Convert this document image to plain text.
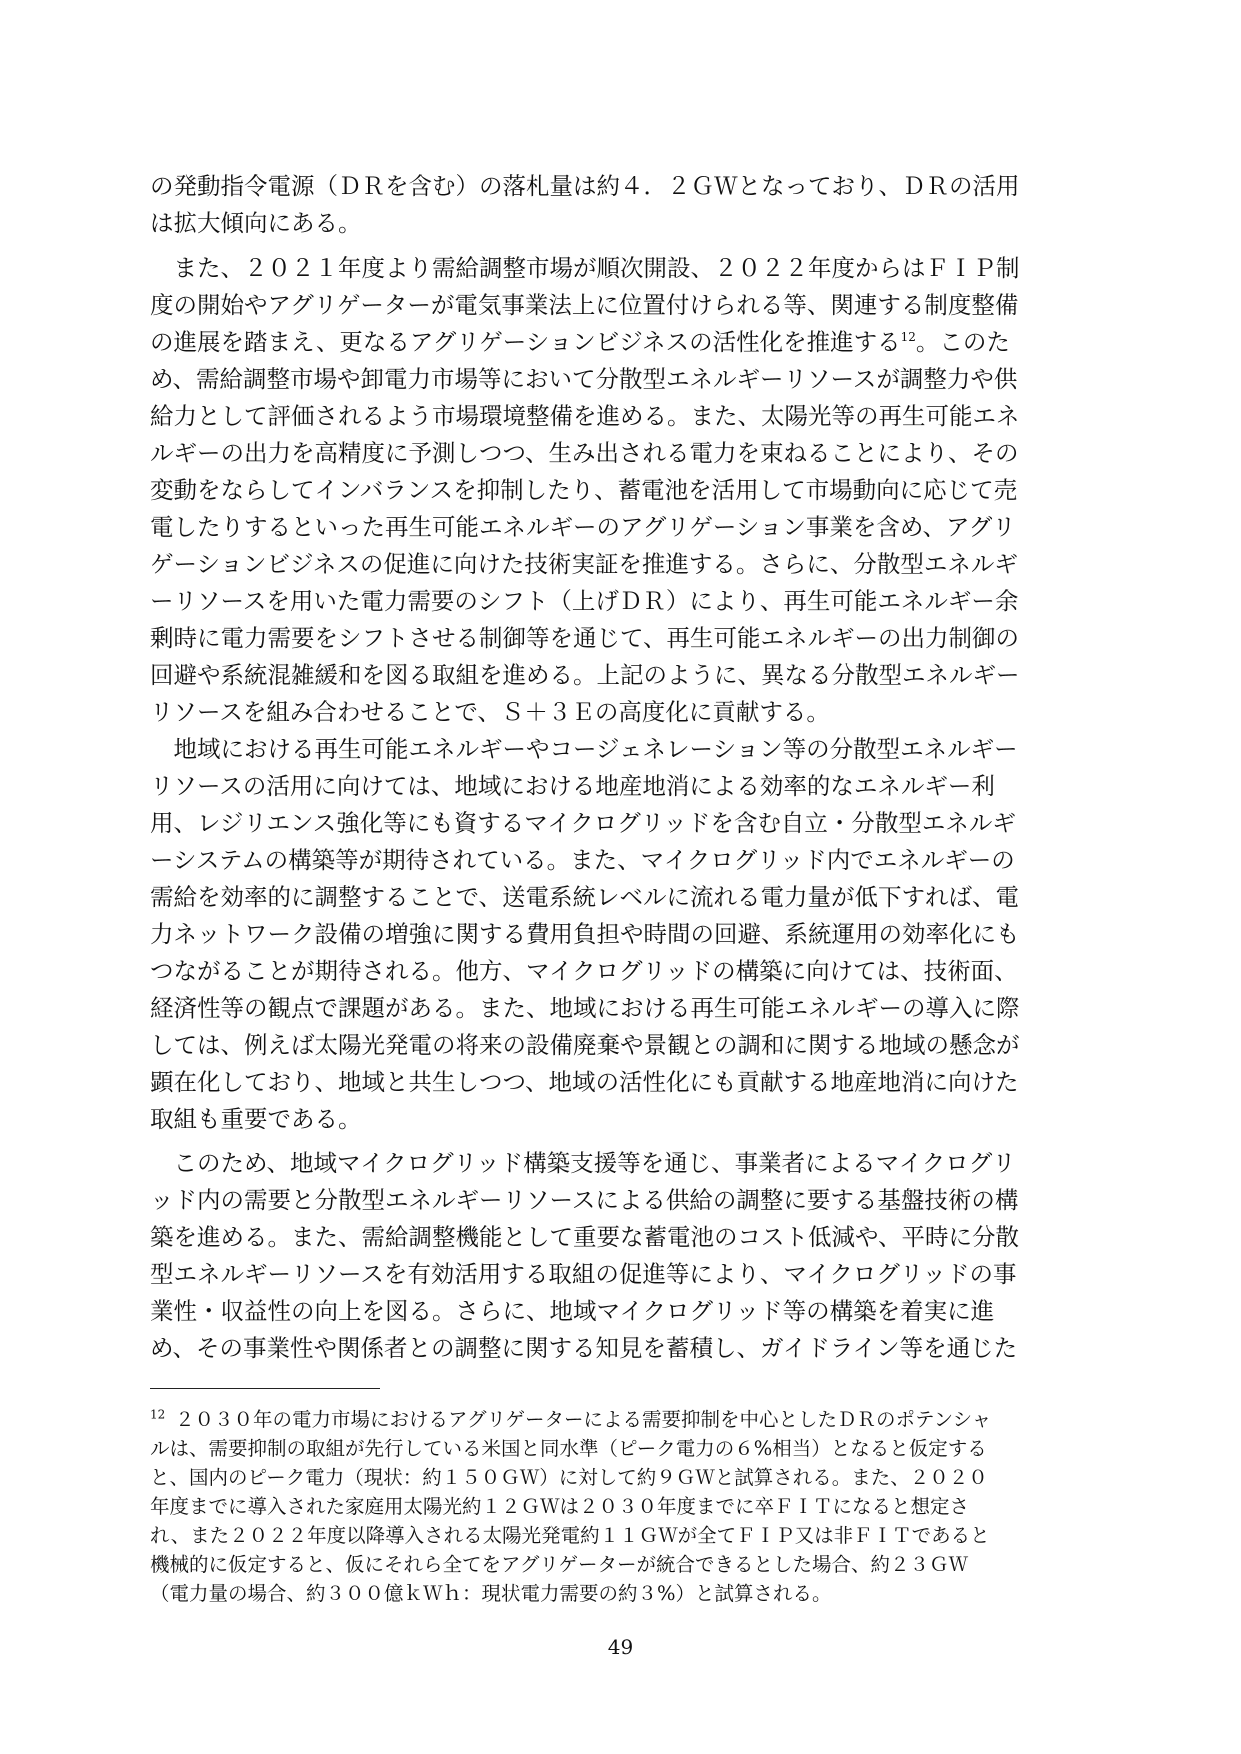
の発動指令電源（ＤＲを含む）の落札量は約４．２ＧＷとなっており、ＤＲの活用
は拡大傾向にある。
　また、２０２１年度より需給調整市場が順次開設、２０２２年度からはＦＩＰ制
度の開始やアグリゲーターが電気事業法上に位置付けられる等、関連する制度整備
の進展を踏まえ、更なるアグリゲーションビジネスの活性化を推進する$^{12}$。このた
め、需給調整市場や卸電力市場等において分散型エネルギーリソースが調整力や供
給力として評価されるよう市場環境整備を進める。また、太陽光等の再生可能エネ
ルギーの出力を高精度に予測しつつ、生み出される電力を束ねることにより、その
変動をならしてインバランスを抑制したり、蓄電池を活用して市場動向に応じて売
電したりするといった再生可能エネルギーのアグリゲーション事業を含め、アグリ
ゲーションビジネスの促進に向けた技術実証を推進する。さらに、分散型エネルギ
ーリソースを用いた電力需要のシフト（上げＤＲ）により、再生可能エネルギー余
剰時に電力需要をシフトさせる制御等を通じて、再生可能エネルギーの出力制御の
回避や系統混雑緩和を図る取組を進める。上記のように、異なる分散型エネルギー
リソースを組み合わせることで、Ｓ＋３Ｅの高度化に貢献する。
　地域における再生可能エネルギーやコージェネレーション等の分散型エネルギー
リソースの活用に向けては、地域における地産地消による効率的なエネルギー利
用、レジリエンス強化等にも資するマイクログリッドを含む自立・分散型エネルギ
ーシステムの構築等が期待されている。また、マイクログリッド内でエネルギーの
需給を効率的に調整することで、送電系統レベルに流れる電力量が低下すれば、電
力ネットワーク設備の増強に関する費用負担や時間の回避、系統運用の効率化にも
つながることが期待される。他方、マイクログリッドの構築に向けては、技術面、
経済性等の観点で課題がある。また、地域における再生可能エネルギーの導入に際
しては、例えば太陽光発電の将来の設備廃棄や景観との調和に関する地域の懸念が
顕在化しており、地域と共生しつつ、地域の活性化にも貢献する地産地消に向けた
取組も重要である。
　このため、地域マイクログリッド構築支援等を通じ、事業者によるマイクログリ
ッド内の需要と分散型エネルギーリソースによる供給の調整に要する基盤技術の構
築を進める。また、需給調整機能として重要な蓄電池のコスト低減や、平時に分散
型エネルギーリソースを有効活用する取組の促進等により、マイクログリッドの事
業性・収益性の向上を図る。さらに、地域マイクログリッド等の構築を着実に進
め、その事業性や関係者との調整に関する知見を蓄積し、ガイドライン等を通じた
$^{12}$  ２０３０年の電力市場におけるアグリゲーターによる需要抑制を中心としたＤＲのポテンシャ
ルは、需要抑制の取組が先行している米国と同水準（ピーク電力の６%相当）となると仮定する
と、国内のピーク電力（現状：約１５０ＧＷ）に対して約９ＧＷと試算される。また、２０２０
年度までに導入された家庭用太陽光約１２ＧＷは２０３０年度までに卒ＦＩＴになると想定さ
れ、また２０２２年度以降導入される太陽光発電約１１ＧＷが全てＦＩＰ又は非ＦＩＴであると
機械的に仮定すると、仮にそれら全てをアグリゲーターが統合できるとした場合、約２３ＧＷ
（電力量の場合、約３００億ｋＷｈ：現状電力需要の約３%）と試算される。
49
